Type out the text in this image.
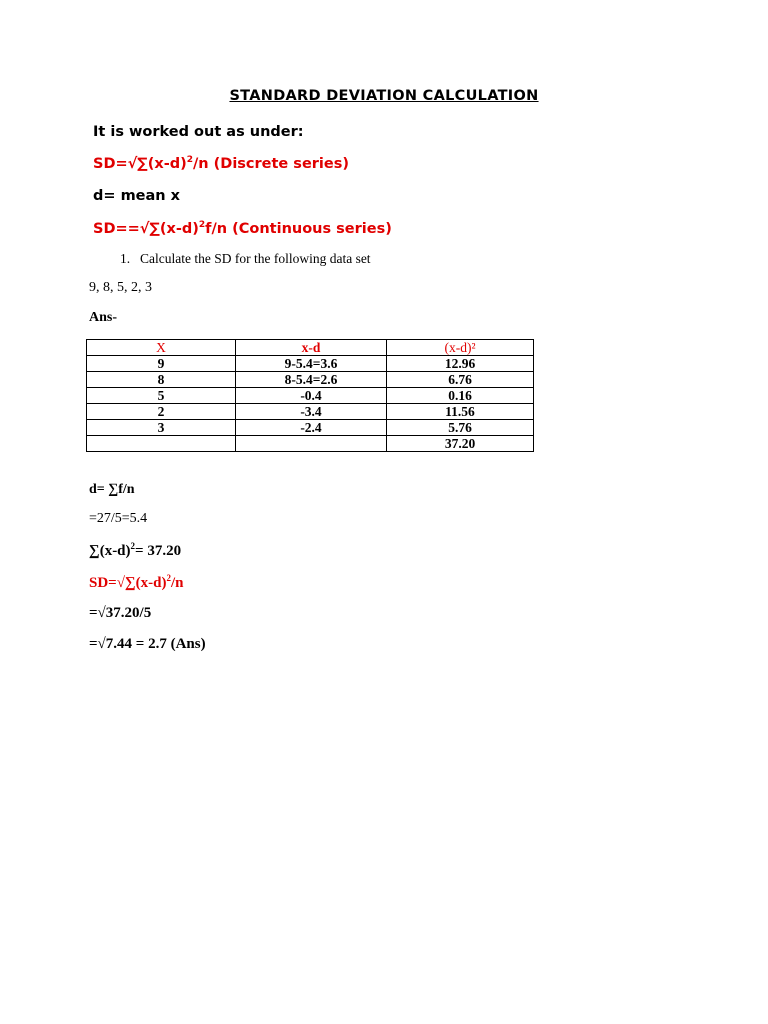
STANDARD DEVIATION CALCULATION
It is worked out as under:
$SD=√\sum(x-d)^2/n$ (Discrete series)
d= mean x
$SD==√\sum(x-d)^2f/n$ (Continuous series)
1. Calculate the SD for the following data set
9, 8, 5, 2, 3
Ans-
X	x-d	(x-d)²
9	9-5.4=3.6	12.96
8	8-5.4=2.6	6.76
5	-0.4	0.16
2	-3.4	11.56
3	-2.4	5.76
		37.20
d= ∑f/n
=27/5=5.4
$\sum(x-d)^2= 37.20$
$SD=√\sum(x-d)^2/n$
=√37.20/5
=√7.44 = 2.7 (Ans)
